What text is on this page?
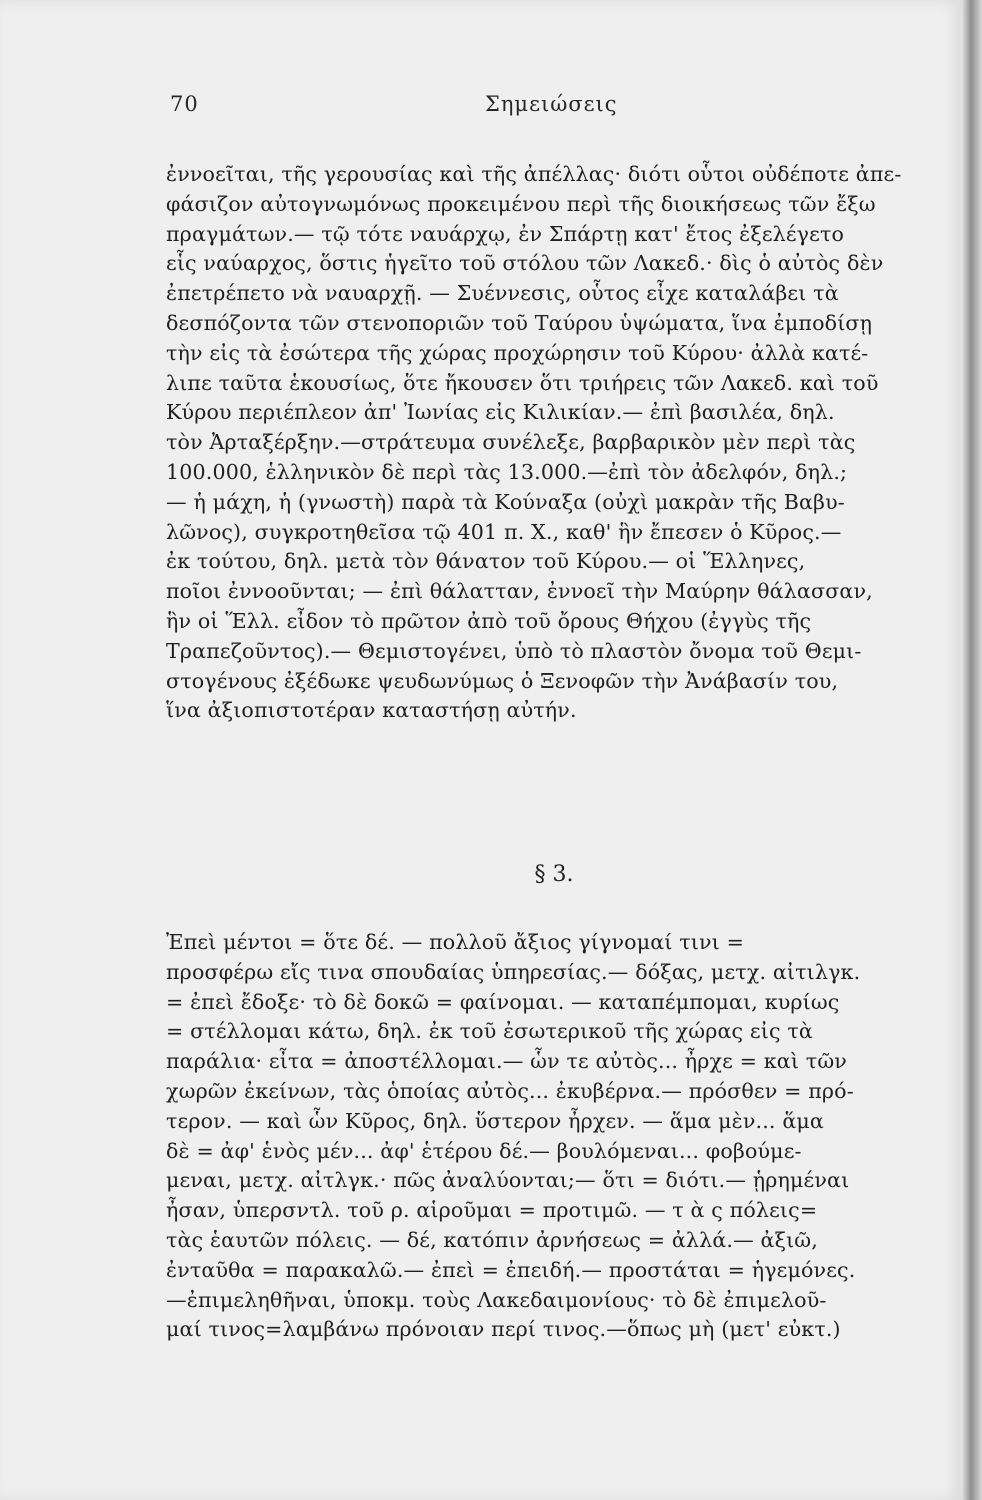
70	Σημειώσεις
ἐννοεῖται, τῆς γερουσίας καὶ τῆς ἀπέλλας· διότι οὗτοι οὐδέποτε ἀπε-
φάσιζον αὐτογνωμόνως προκειμένου περὶ τῆς διοικήσεως τῶν ἔξω
πραγμάτων.— τῷ τότε ναυάρχῳ, ἐν Σπάρτῃ κατ' ἔτος ἐξελέγετο
εἷς ναύαρχος, ὅστις ἡγεῖτο τοῦ στόλου τῶν Λακεδ.· δὶς ὁ αὐτὸς δὲν
ἐπετρέπετο νὰ ναυαρχῇ. — Συέννεσις, οὗτος εἶχε καταλάβει τὰ
δεσπόζοντα τῶν στενοποριῶν τοῦ Ταύρου ὑψώματα, ἵνα ἐμποδίσῃ
τὴν εἰς τὰ ἐσώτερα τῆς χώρας προχώρησιν τοῦ Κύρου· ἀλλὰ κατέ-
λιπε ταῦτα ἑκουσίως, ὅτε ἤκουσεν ὅτι τριήρεις τῶν Λακεδ. καὶ τοῦ
Κύρου περιέπλεον ἀπ' Ἰωνίας εἰς Κιλικίαν.— ἐπὶ βασιλέα, δηλ.
τὸν Ἀρταξέρξην.—στράτευμα συνέλεξε, βαρβαρικὸν μὲν περὶ τὰς
100.000, ἑλληνικὸν δὲ περὶ τὰς 13.000.—ἐπὶ τὸν ἀδελφόν, δηλ.;
— ἡ μάχη, ἡ (γνωστὴ) παρὰ τὰ Κούναξα (οὐχὶ μακρὰν τῆς Βαβυ-
λῶνος), συγκροτηθεῖσα τῷ 401 π. Χ., καθ' ἣν ἔπεσεν ὁ Κῦρος.—
ἐκ τούτου, δηλ. μετὰ τὸν θάνατον τοῦ Κύρου.— οἱ Ἕλληνες,
ποῖοι ἐννοοῦνται; — ἐπὶ θάλατταν, ἐννοεῖ τὴν Μαύρην θάλασσαν,
ἣν οἱ Ἕλλ. εἶδον τὸ πρῶτον ἀπὸ τοῦ ὄρους Θήχου (ἐγγὺς τῆς
Τραπεζοῦντος).— Θεμιστογένει, ὑπὸ τὸ πλαστὸν ὄνομα τοῦ Θεμι-
στογένους ἐξέδωκε ψευδωνύμως ὁ Ξενοφῶν τὴν Ἀνάβασίν του,
ἵνα ἀξιοπιστοτέραν καταστήσῃ αὐτήν.
§ 3.
Ἐπεὶ μέντοι = ὅτε δέ. — πολλοῦ ἄξιος γίγνομαί τινι =
προσφέρω εἴς τινα σπουδαίας ὑπηρεσίας.— δόξας, μετχ. αἰτιλγκ.
= ἐπεὶ ἔδοξε· τὸ δὲ δοκῶ = φαίνομαι. — καταπέμπομαι, κυρίως
= στέλλομαι κάτω, δηλ. ἐκ τοῦ ἐσωτερικοῦ τῆς χώρας εἰς τὰ
παράλια· εἶτα = ἀποστέλλομαι.— ὧν τε αὐτὸς... ἦρχε = καὶ τῶν
χωρῶν ἐκείνων, τὰς ὁποίας αὐτὸς... ἐκυβέρνα.— πρόσθεν = πρό-
τερον. — καὶ ὧν Κῦρος, δηλ. ὕστερον ἦρχεν. — ἅμα μὲν... ἅμα
δὲ = ἀφ' ἑνὸς μέν... ἀφ' ἑτέρου δέ.— βουλόμεναι... φοβούμε-
μεναι, μετχ. αἰτλγκ.· πῶς ἀναλύονται;— ὅτι = διότι.— ᾑρημέναι
ἦσαν, ὑπερσντλ. τοῦ ρ. αἱροῦμαι = προτιμῶ. — τ ὰ ς πόλεις=
τὰς ἑαυτῶν πόλεις. — δέ, κατόπιν ἀρνήσεως = ἀλλά.— ἀξιῶ,
ἐνταῦθα = παρακαλῶ.— ἐπεὶ = ἐπειδή.— προστάται = ἡγεμόνες.
—ἐπιμεληθῆναι, ὑποκμ. τοὺς Λακεδαιμονίους· τὸ δὲ ἐπιμελοῦ-
μαί τινος=λαμβάνω πρόνοιαν περί τινος.—ὅπως μὴ (μετ' εὐκτ.)
